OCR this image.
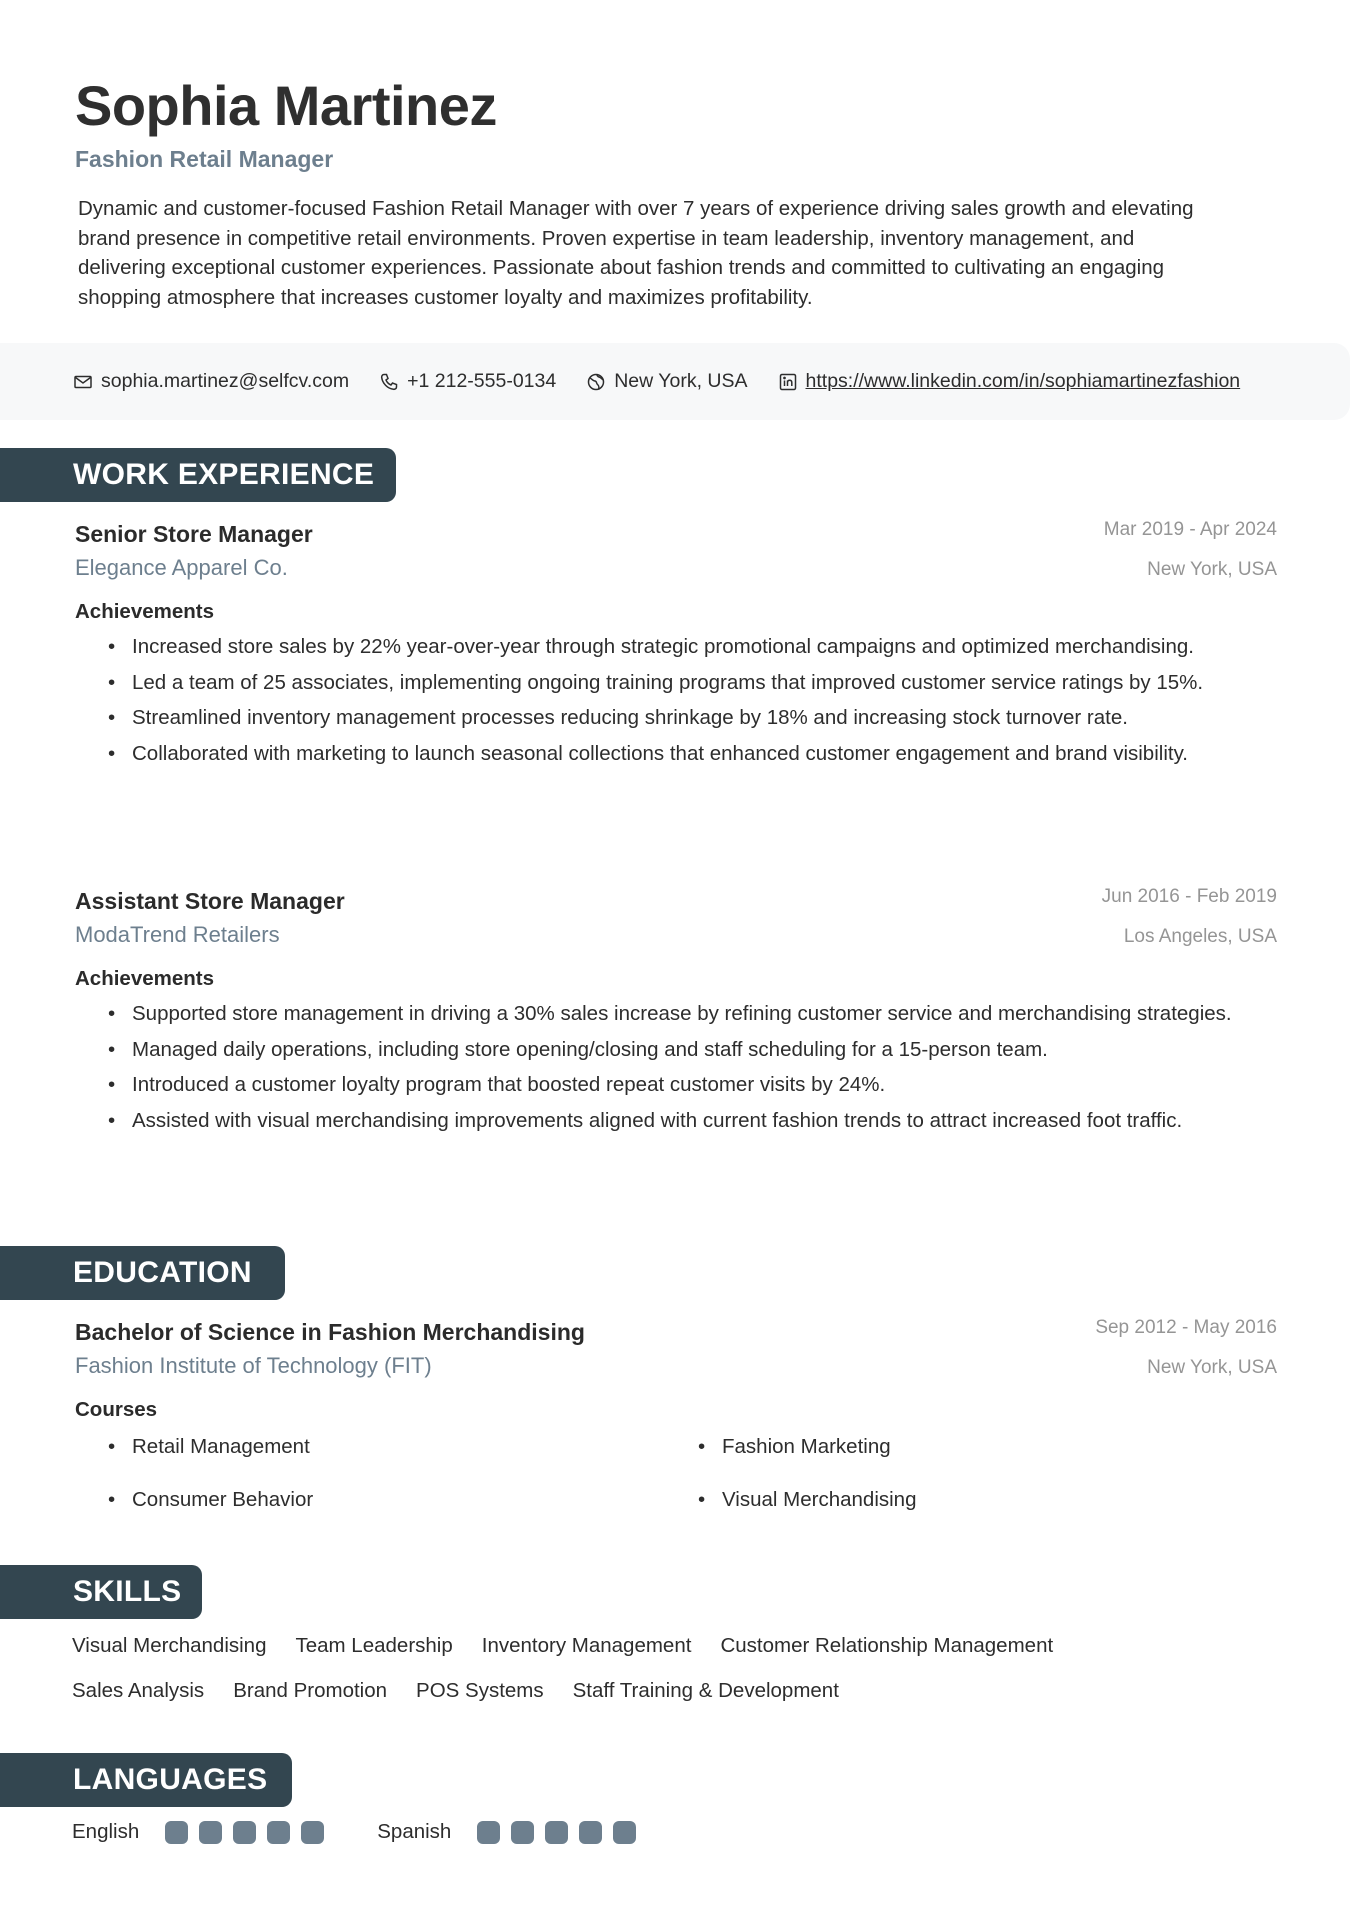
Sophia Martinez
Fashion Retail Manager

Dynamic and customer-focused Fashion Retail Manager with over 7 years of experience driving sales growth and elevating brand presence in competitive retail environments. Proven expertise in team leadership, inventory management, and delivering exceptional customer experiences. Passionate about fashion trends and committed to cultivating an engaging shopping atmosphere that increases customer loyalty and maximizes profitability.

sophia.martinez@selfcv.com	+1 212-555-0134	New York, USA	https://www.linkedin.com/in/sophiamartinezfashion
WORK EXPERIENCE
Senior Store Manager
Elegance Apparel Co.
Mar 2019 - Apr 2024
New York, USA
Achievements
• Increased store sales by 22% year-over-year through strategic promotional campaigns and optimized merchandising.
• Led a team of 25 associates, implementing ongoing training programs that improved customer service ratings by 15%.
• Streamlined inventory management processes reducing shrinkage by 18% and increasing stock turnover rate.
• Collaborated with marketing to launch seasonal collections that enhanced customer engagement and brand visibility.
Assistant Store Manager
ModaTrend Retailers
Jun 2016 - Feb 2019
Los Angeles, USA
Achievements
• Supported store management in driving a 30% sales increase by refining customer service and merchandising strategies.
• Managed daily operations, including store opening/closing and staff scheduling for a 15-person team.
• Introduced a customer loyalty program that boosted repeat customer visits by 24%.
• Assisted with visual merchandising improvements aligned with current fashion trends to attract increased foot traffic.
EDUCATION
Bachelor of Science in Fashion Merchandising
Fashion Institute of Technology (FIT)
Sep 2012 - May 2016
New York, USA
Courses
• Retail Management	• Fashion Marketing
• Consumer Behavior	• Visual Merchandising
SKILLS
Visual Merchandising Team Leadership Inventory Management Customer Relationship Management
Sales Analysis Brand Promotion POS Systems Staff Training & Development
LANGUAGES
English	Spanish
